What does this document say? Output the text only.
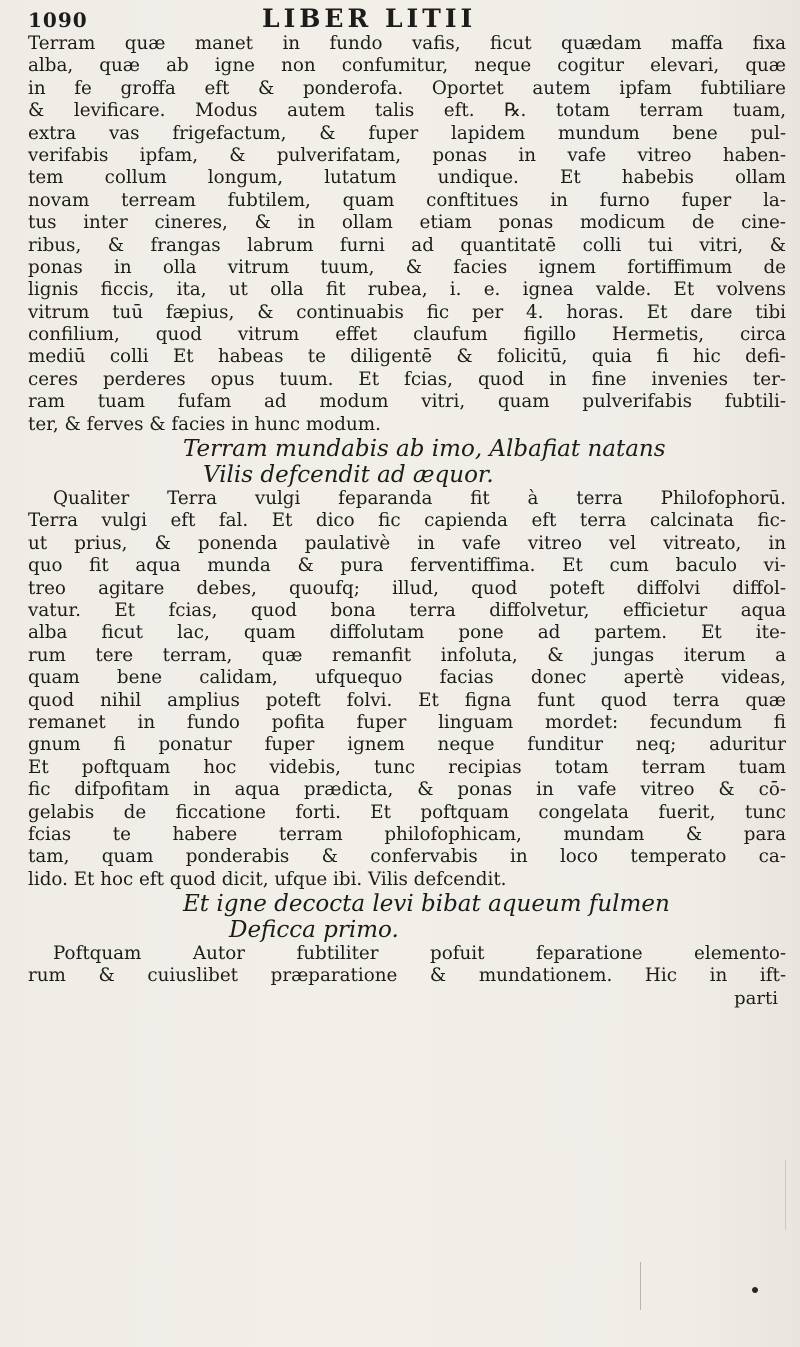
1090	LIBER LITII
Terram quæ manet in fundo vafis, ficut quædam maffa fixa
alba, quæ ab igne non confumitur, neque cogitur elevari, quæ
in fe groffa eft & ponderofa. Oportet autem ipfam fubtiliare
& levificare. Modus autem talis eft. ℞. totam terram tuam,
extra vas frigefactum, & fuper lapidem mundum bene pul-
verifabis ipfam, & pulverifatam, ponas in vafe vitreo haben-
tem collum longum, lutatum undique. Et habebis ollam
novam terream fubtilem, quam conftitues in furno fuper la-
tus inter cineres, & in ollam etiam ponas modicum de cine-
ribus, & frangas labrum furni ad quantitatē colli tui vitri, &
ponas in olla vitrum tuum, & facies ignem fortiffimum de
lignis ficcis, ita, ut olla fit rubea, i. e. ignea valde. Et volvens
vitrum tuū fæpius, & continuabis fic per 4. horas. Et dare tibi
confilium, quod vitrum effet claufum figillo Hermetis, circa
mediū colli Et habeas te diligentē & folicitū, quia fi hic defi-
ceres perderes opus tuum. Et fcias, quod in fine invenies ter-
ram tuam fufam ad modum vitri, quam pulverifabis fubtili-
ter, & ferves & facies in hunc modum.
Terram mundabis ab imo, Albafiat natans
Vilis defcendit ad æquor.
Qualiter Terra vulgi feparanda fit à terra Philofophorū.
Terra vulgi eft fal. Et dico fic capienda eft terra calcinata fic-
ut prius, & ponenda paulativè in vafe vitreo vel vitreato, in
quo fit aqua munda & pura ferventiffima. Et cum baculo vi-
treo agitare debes, quoufq; illud, quod poteft diffolvi diffol-
vatur. Et fcias, quod bona terra diffolvetur, efficietur aqua
alba ficut lac, quam diffolutam pone ad partem. Et ite-
rum tere terram, quæ remanfit infoluta, & jungas iterum a
quam bene calidam, ufquequo facias donec apertè videas,
quod nihil amplius poteft folvi. Et figna funt quod terra quæ
remanet in fundo pofita fuper linguam mordet: fecundum fi
gnum fi ponatur fuper ignem neque funditur neq; aduritur
Et poftquam hoc videbis, tunc recipias totam terram tuam
fic difpofitam in aqua prædicta, & ponas in vafe vitreo & cō-
gelabis de ficcatione forti. Et poftquam congelata fuerit, tunc
fcias te habere terram philofophicam, mundam & para
tam, quam ponderabis & confervabis in loco temperato ca-
lido. Et hoc eft quod dicit, ufque ibi. Vilis defcendit.
Et igne decocta levi bibat aqueum fulmen
Deficca primo.
Poftquam Autor fubtiliter pofuit feparatione elemento-
rum & cuiuslibet præparatione & mundationem. Hic in ift-
parti
